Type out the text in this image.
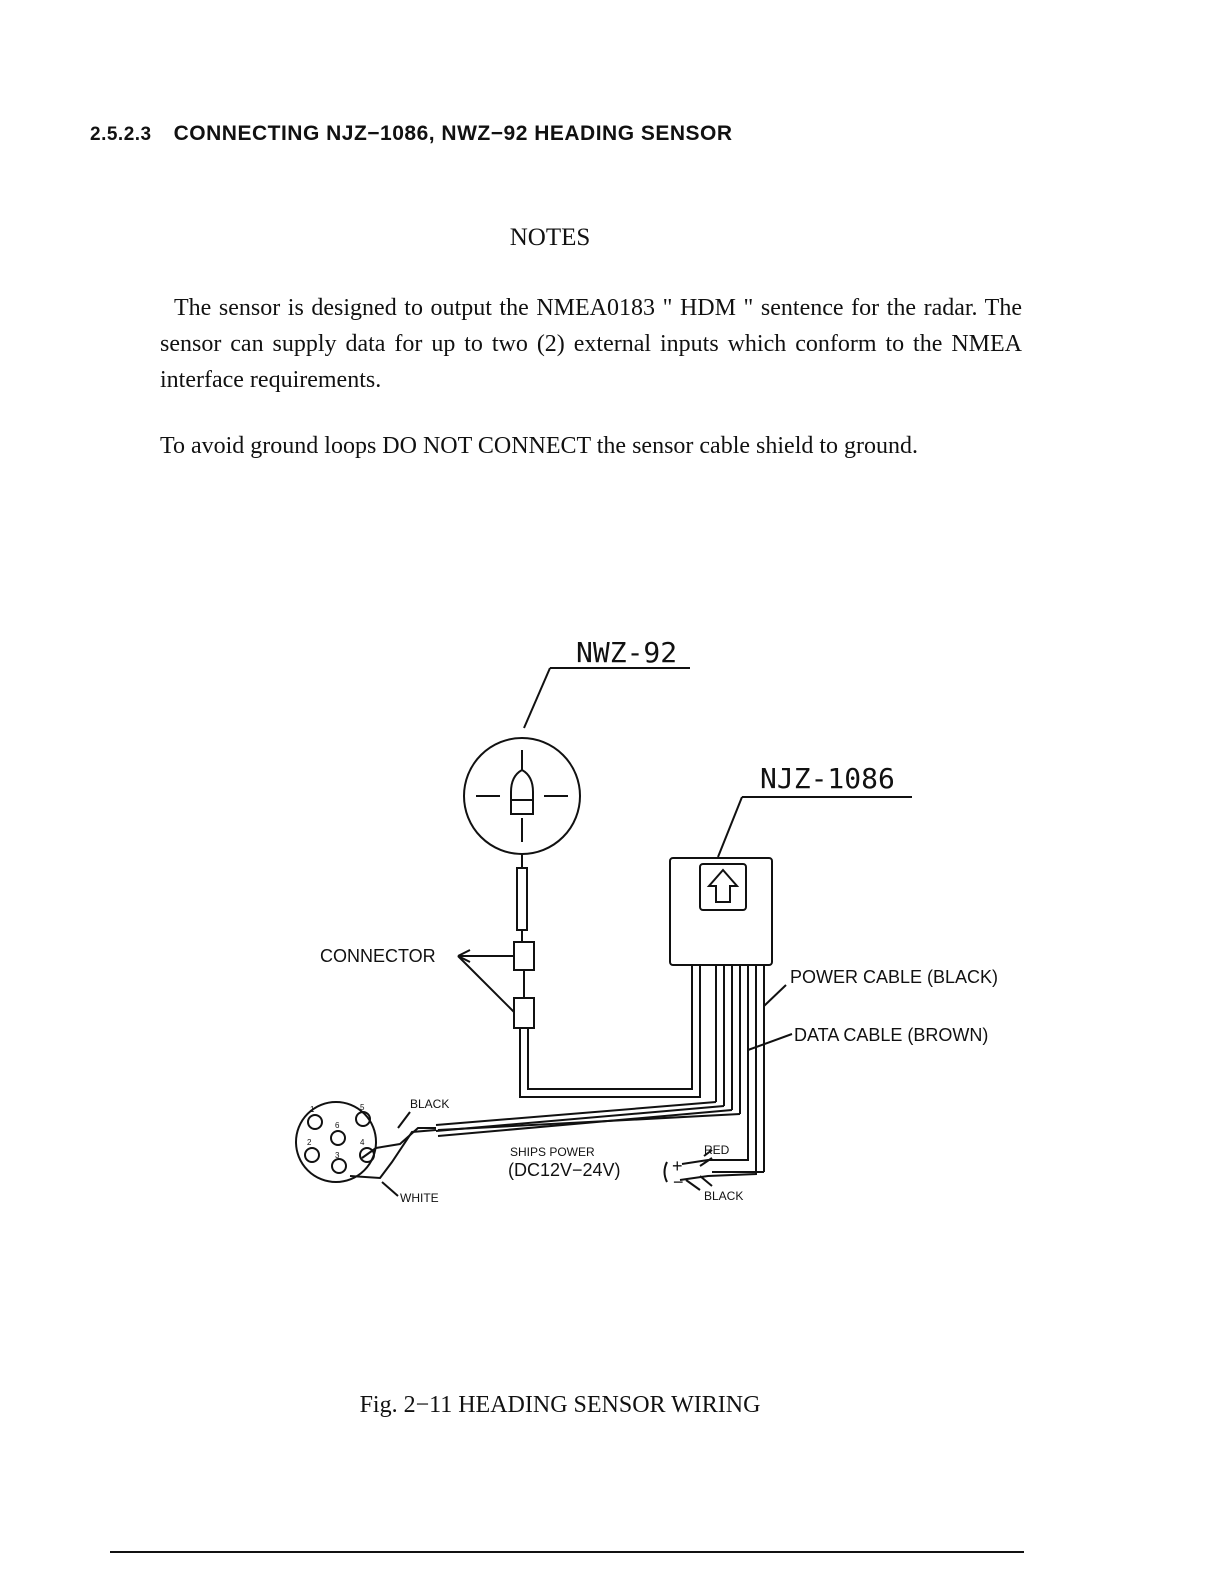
2.5.2.3 CONNECTING NJZ−1086, NWZ−92 HEADING SENSOR
NOTES
The sensor is designed to output the NMEA0183 " HDM " sentence for the radar. The sensor can supply data for up to two (2) external inputs which conform to the NMEA interface requirements.
To avoid ground loops DO NOT CONNECT the sensor cable shield to ground.
NWZ-92
NJZ-1086
CONNECTOR
POWER CABLE (BLACK)
DATA CABLE (BROWN)
BLACK
WHITE
SHIPS POWER
(DC12V−24V)	+
−
RED
BLACK
1
2
3
4
5
6
Fig. 2−11 HEADING SENSOR WIRING
